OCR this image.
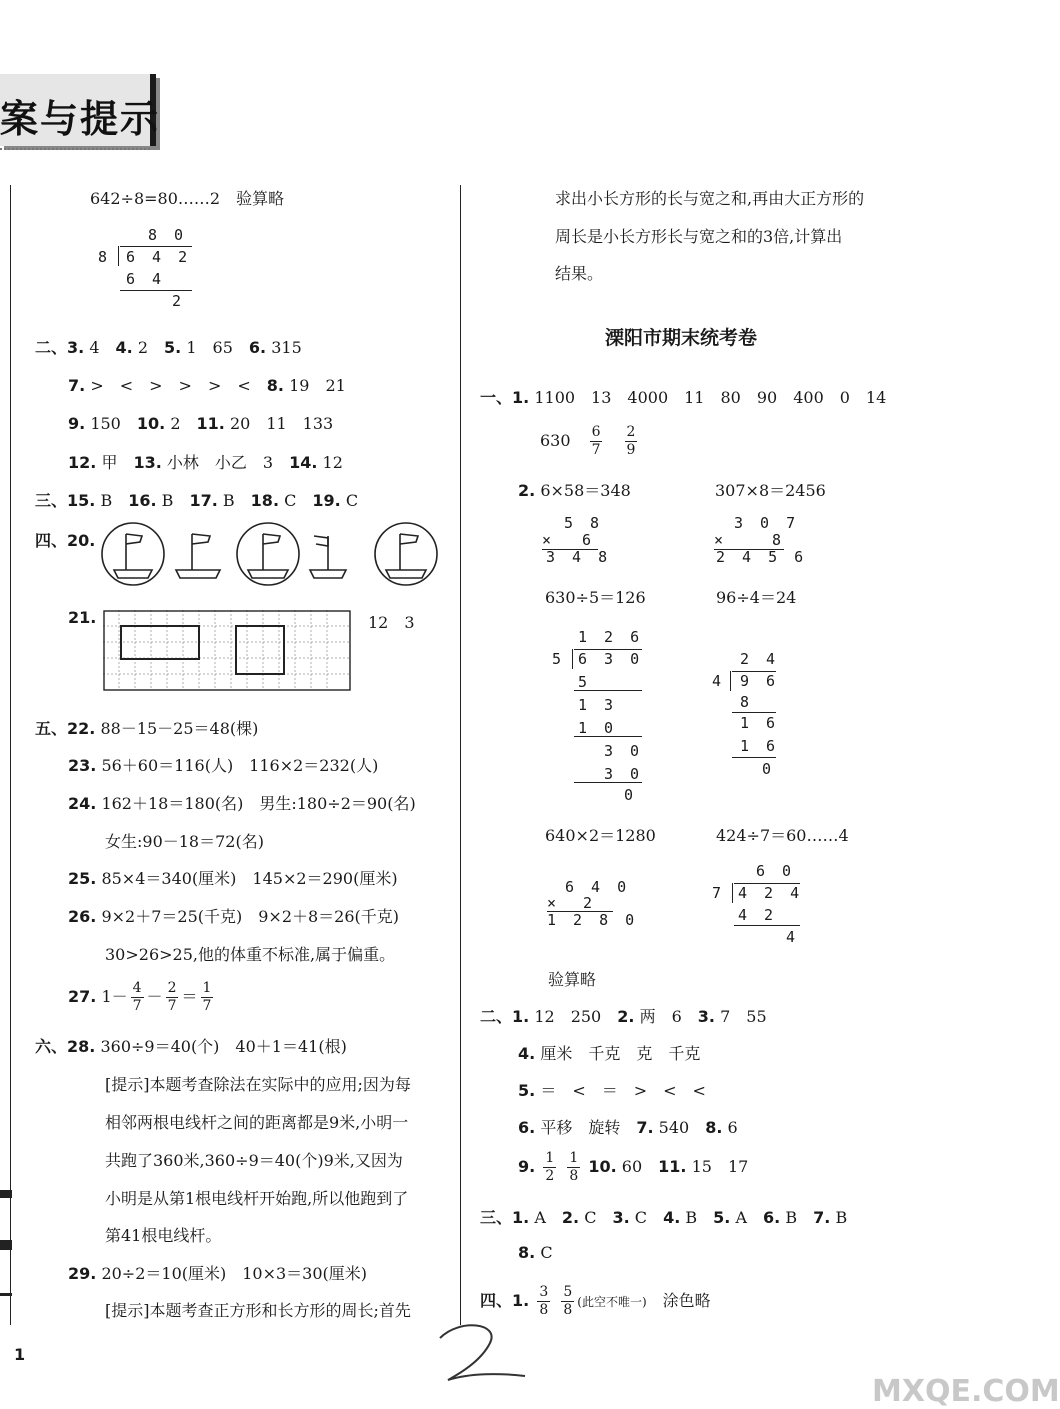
案与提示
642÷8=80……2　验算略
8 0
8 6 4 2
6 4
2
二、3. 4　 4. 2　 5. 1　65　 6. 315
7. >　<　>　>　>　<　 8. 19　21
9. 150　 10. 2　 11. 20　11　133
12. 甲　 13. 小林　小乙　3　 14. 12
三、15. B　 16. B　 17. B　 18. C　 19. C
四、20.
21.	12　3
五、22. 88－15－25＝48(棵)
23. 56＋60＝116(人)　116×2＝232(人)
24. 162＋18＝180(名)　男生:180÷2＝90(名)
女生:90－18＝72(名)
25. 85×4＝340(厘米)　145×2＝290(厘米)
26. 9×2＋7＝25(千克)　9×2＋8＝26(千克)
30>26>25,他的体重不标准,属于偏重。
27. $1- \frac{4}{7} - \frac{2}{7} = \frac{1}{7}$
六、28. 360÷9＝40(个)　40＋1＝41(根)
[提示]本题考查除法在实际中的应用;因为每
相邻两根电线杆之间的距离都是9米,小明一
共跑了360米,360÷9＝40(个)9米,又因为
小明是从第1根电线杆开始跑,所以他跑到了
第41根电线杆。
29. 20÷2＝10(厘米)　10×3＝30(厘米)
[提示]本题考查正方形和长方形的周长;首先
求出小长方形的长与宽之和,再由大正方形的
周长是小长方形长与宽之和的3倍,计算出
结果。
溧阳市期末统考卷
一、1. 1100　13　4000　11　80　90　400　0　14
630　 $\frac{6}{7}$
　 $\frac{2}{9}$
2. 6×58＝348	307×8＝2456
5 8
× 6
3 4 8
3 0 7
×	8
2 4 5 6
630÷5＝126	96÷4＝24
1 2 6
5 6 3 0
5
1 3
1 0
3 0
3 0
0
2 4
4 9 6
8
1 6
1 6
0
640×2＝1280	424÷7＝60……4
6 4 0
× 2
1 2 8 0
6 0
7 4 2 4
4 2
4
验算略
二、1. 12　250　 2. 两　6　 3. 7　55
4. 厘米　千克　克　千克
5. ＝　<　＝　>　<　<
6. 平移　旋转　 7. 540　 8. 6
9. $\frac{1}{2}$
$\frac{1}{8} 10$. 60　 11. 15　17
三、1. A　 2. C　 3. C　 4. B　 5. A　 6. B　 7. B
8. C
四、1. $\frac{3}{8}$
$\frac{5}{8}$ (此空不唯一)　 涂色略
1
MXQE.COM
